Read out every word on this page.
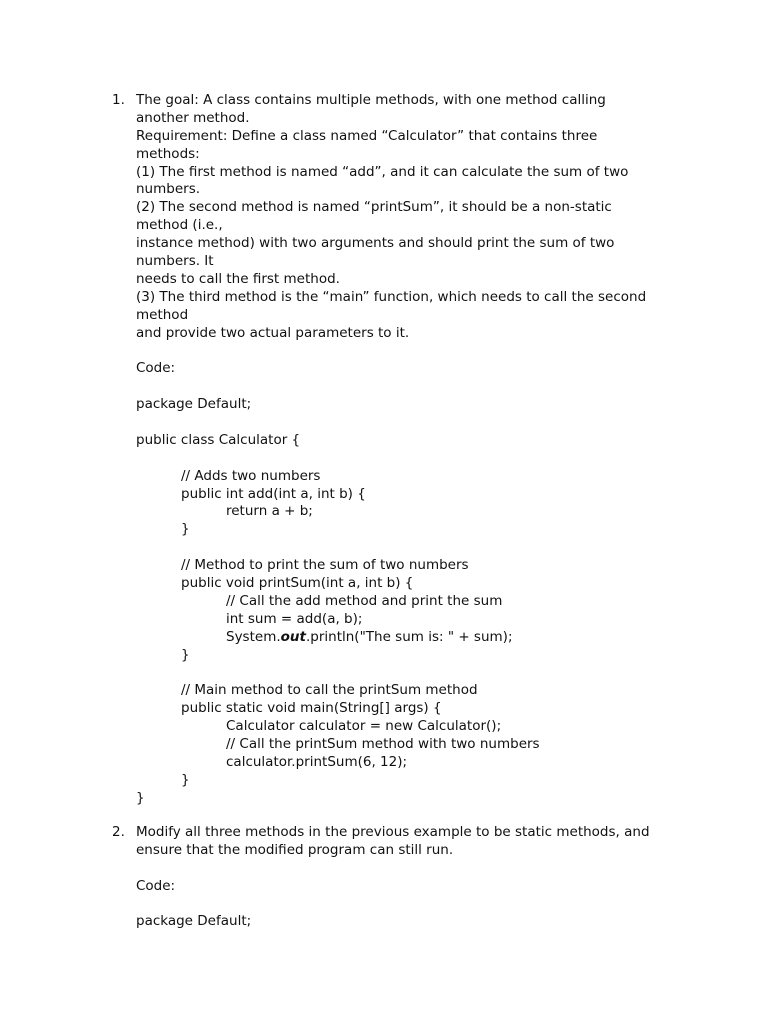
1. The goal: A class contains multiple methods, with one method calling
another method.
Requirement: Define a class named “Calculator” that contains three
methods:
(1) The first method is named “add”, and it can calculate the sum of two
numbers.
(2) The second method is named “printSum”, it should be a non-static
method (i.e.,
instance method) with two arguments and should print the sum of two
numbers. It
needs to call the first method.
(3) The third method is the “main” function, which needs to call the second
method
and provide two actual parameters to it.
Code:
package Default;
public class Calculator {
// Adds two numbers
public int add(int a, int b) {
return a + b;
}
// Method to print the sum of two numbers
public void printSum(int a, int b) {
// Call the add method and print the sum
int sum = add(a, b);
System.out.println("The sum is: " + sum);
}
// Main method to call the printSum method
public static void main(String[] args) {
Calculator calculator = new Calculator();
// Call the printSum method with two numbers
calculator.printSum(6, 12);
}
}
2. Modify all three methods in the previous example to be static methods, and
ensure that the modified program can still run.
Code:
package Default;
